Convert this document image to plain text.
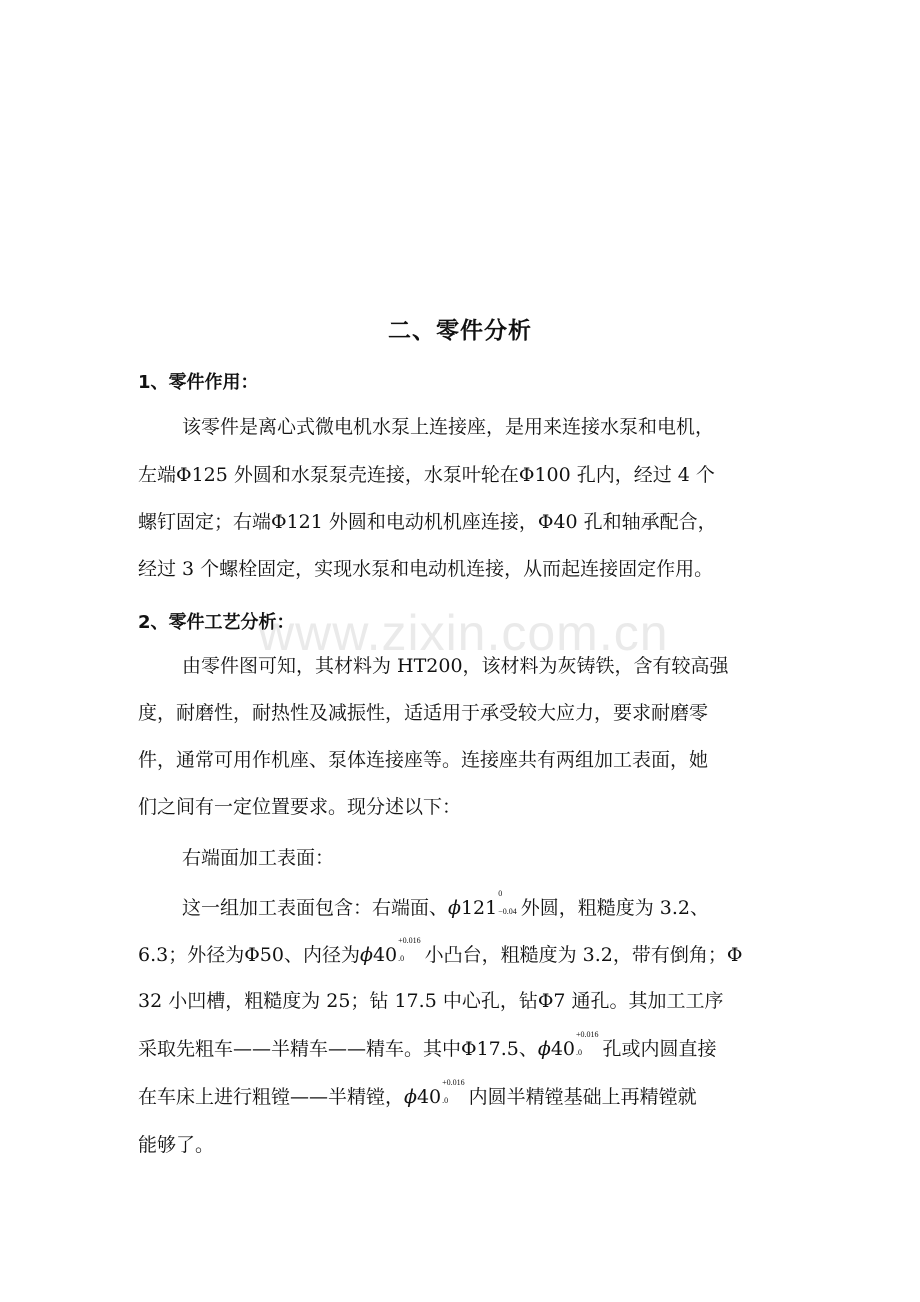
www.zixin.com.cn
二、零件分析
1、零件作用：
该零件是离心式微电机水泵上连接座，是用来连接水泵和电机，
左端Φ125 外圆和水泵泵壳连接，水泵叶轮在Φ100 孔内，经过 4 个
螺钉固定；右端Φ121 外圆和电动机机座连接，Φ40 孔和轴承配合，
经过 3 个螺栓固定，实现水泵和电动机连接，从而起连接固定作用。
2、零件工艺分析：
由零件图可知，其材料为 HT200，该材料为灰铸铁，含有较高强
度，耐磨性，耐热性及减振性，适适用于承受较大应力，要求耐磨零
件，通常可用作机座、泵体连接座等。连接座共有两组加工表面，她
们之间有一定位置要求。现分述以下：
右端面加工表面：
这一组加工表面包含：右端面、ϕ121
0
−0.04 外圆，粗糙度为 3.2、
6.3；外径为Φ50、内径为ϕ40
+0.016
.0	小凸台，粗糙度为 3.2，带有倒角；Φ
32 小凹槽，粗糙度为 25；钻 17.5 中心孔，钻Φ7 通孔。其加工工序
采取先粗车——半精车——精车。其中Φ17.5、ϕ40
+0.016
.0	孔或内圆直接
在车床上进行粗镗——半精镗，ϕ40
+0.016
.0	内圆半精镗基础上再精镗就
能够了。
